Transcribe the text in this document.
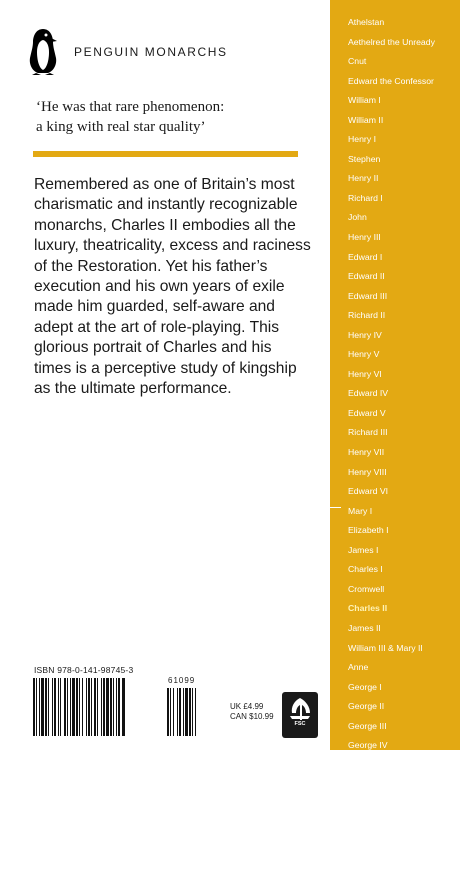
PENGUIN MONARCHS
‘He was that rare phenomenon:
a king with real star quality’
Remembered as one of Britain’s most
charismatic and instantly recognizable
monarchs, Charles II embodies all the
luxury, theatricality, excess and raciness
of the Restoration. Yet his father’s
execution and his own years of exile
made him guarded, self-aware and
adept at the art of role-playing. This
glorious portrait of Charles and his
times is a perceptive study of kingship
as the ultimate performance.
ISBN 978-0-141-98745-3
61099
UK £4.99
CAN $10.99
FSC
Athelstan
Aethelred the Unready
Cnut
Edward the Confessor
William I
William II
Henry I
Stephen
Henry II
Richard I
John
Henry III
Edward I
Edward II
Edward III
Richard II
Henry IV
Henry V
Henry VI
Edward IV
Edward V
Richard III
Henry VII
Henry VIII
Edward VI
Mary I
Elizabeth I
James I
Charles I
Cromwell
Charles II
James II
William III & Mary II
Anne
George I
George II
George III
George IV
William IV
Victoria
Edward VII
George V
Edward VIII
George VI
Elizabeth II
